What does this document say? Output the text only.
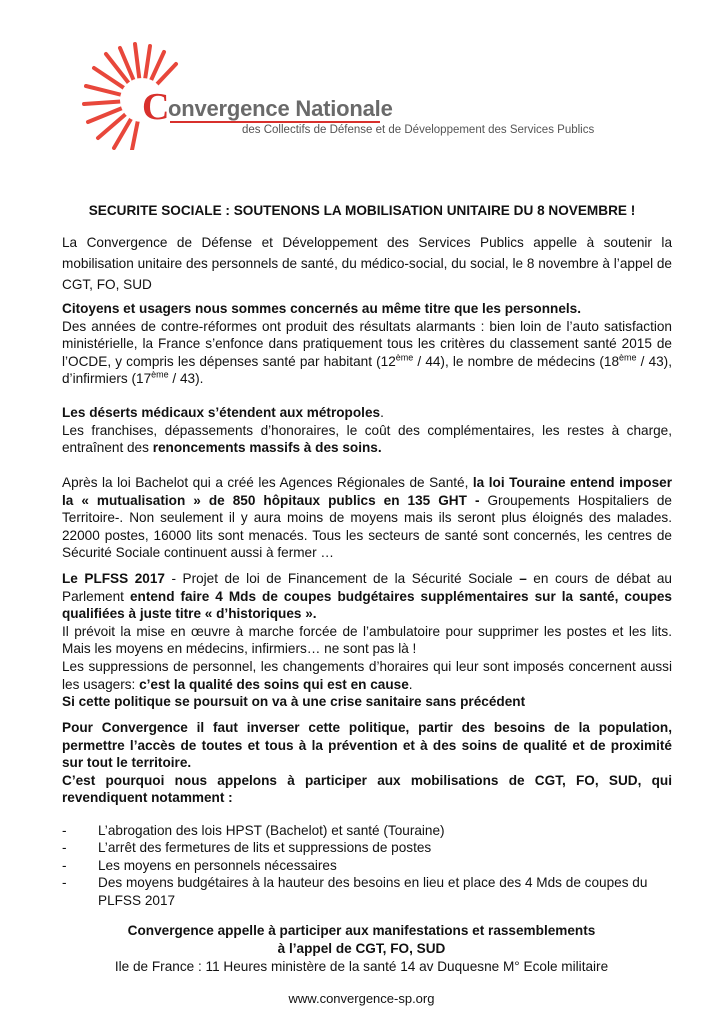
C
onvergence Nationale
des Collectifs de Défense et de Développement des Services Publics
SECURITE SOCIALE : SOUTENONS LA MOBILISATION UNITAIRE DU 8 NOVEMBRE !
La Convergence de Défense et Développement des Services Publics appelle à soutenir la mobilisation unitaire des personnels de santé, du médico-social, du social, le 8 novembre à l’appel de CGT, FO, SUD
Citoyens et usagers nous sommes concernés au même titre que les personnels.
Des années de contre-réformes ont produit des résultats alarmants : bien loin de l’auto satisfaction ministérielle, la France s’enfonce dans pratiquement tous les critères du classement santé 2015 de l’OCDE, y compris les dépenses santé par habitant (12ème / 44), le nombre de médecins (18ème / 43), d’infirmiers (17ème / 43).
Les déserts médicaux s’étendent aux métropoles.
Les franchises, dépassements d’honoraires, le coût des complémentaires, les restes à charge, entraînent des renoncements massifs à des soins.
Après la loi Bachelot qui a créé les Agences Régionales de Santé, la loi Touraine entend imposer la « mutualisation » de 850 hôpitaux publics en 135 GHT - Groupements Hospitaliers de Territoire-. Non seulement il y aura moins de moyens mais ils seront plus éloignés des malades. 22000 postes, 16000 lits sont menacés. Tous les secteurs de santé sont concernés, les centres de Sécurité Sociale continuent aussi à fermer …
Le PLFSS 2017 - Projet de loi de Financement de la Sécurité Sociale – en cours de débat au Parlement entend faire 4 Mds de coupes budgétaires supplémentaires sur la santé, coupes qualifiées à juste titre « d’historiques ».
Il prévoit la mise en œuvre à marche forcée de l’ambulatoire pour supprimer les postes et les lits. Mais les moyens en médecins, infirmiers… ne sont pas là !
Les suppressions de personnel, les changements d’horaires qui leur sont imposés concernent aussi les usagers: c’est la qualité des soins qui est en cause.
Si cette politique se poursuit on va à une crise sanitaire sans précédent
Pour Convergence il faut inverser cette politique, partir des besoins de la population, permettre l’accès de toutes et tous à la prévention et à des soins de qualité et de proximité sur tout le territoire.
C’est pourquoi nous appelons à participer aux mobilisations de CGT, FO, SUD, qui revendiquent notamment :
- L’abrogation des lois HPST (Bachelot) et santé (Touraine)
- L’arrêt des fermetures de lits et suppressions de postes
- Les moyens en personnels nécessaires
- Des moyens budgétaires à la hauteur des besoins en lieu et place des 4 Mds de coupes du PLFSS 2017
Convergence appelle à participer aux manifestations et rassemblements
à l’appel de CGT, FO, SUD
Ile de France : 11 Heures ministère de la santé 14 av Duquesne M° Ecole militaire
www.convergence-sp.org
